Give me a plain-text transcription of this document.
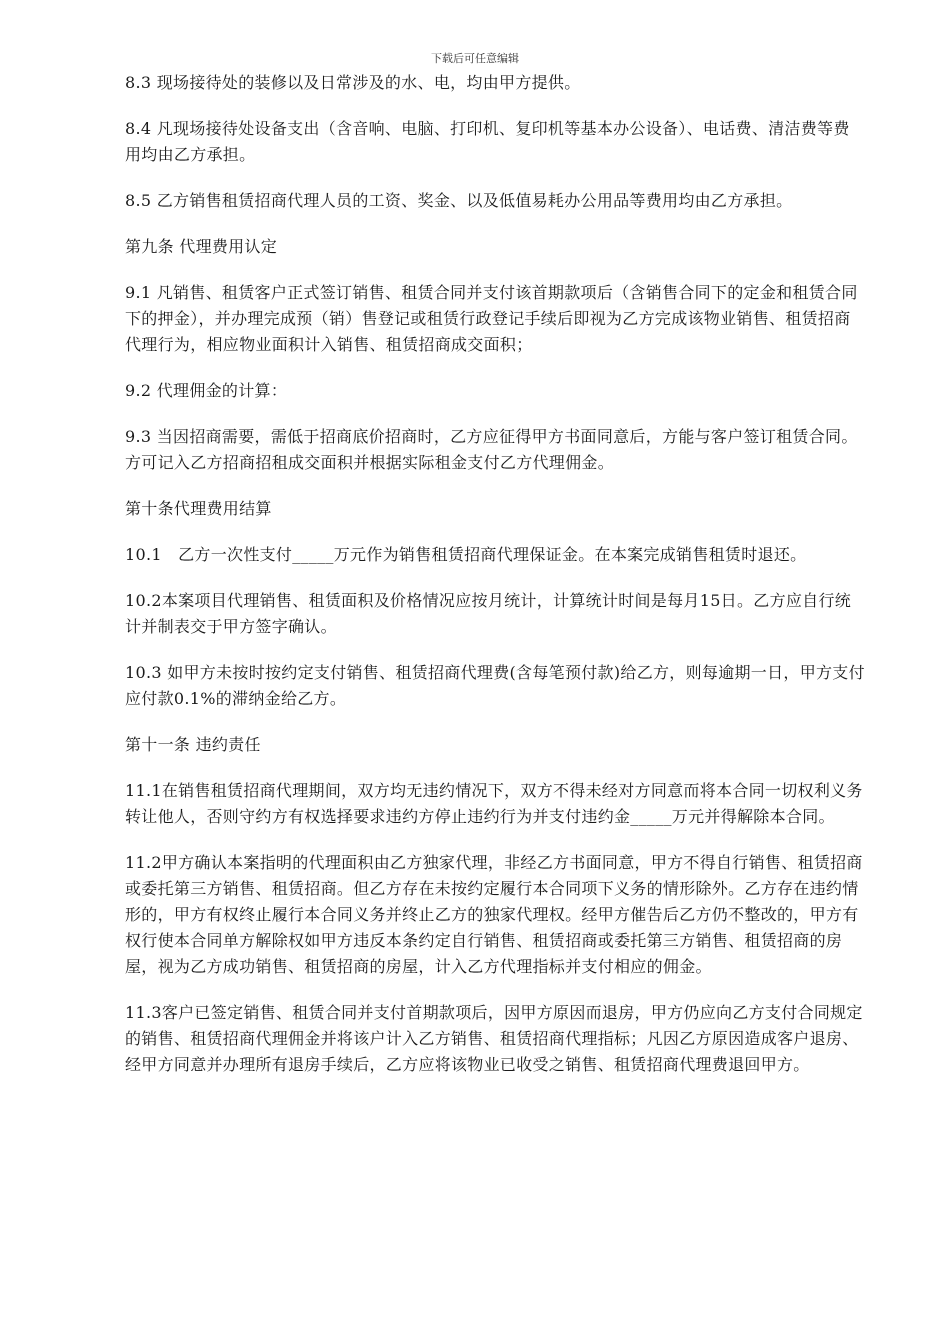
下载后可任意编辑

8.3 现场接待处的装修以及日常涉及的水、电，均由甲方提供。

8.4 凡现场接待处设备支出（含音响、电脑、打印机、复印机等基本办公设备）、电话费、清洁费等费用均由乙方承担。

8.5 乙方销售租赁招商代理人员的工资、奖金、以及低值易耗办公用品等费用均由乙方承担。

第九条 代理费用认定

9.1 凡销售、租赁客户正式签订销售、租赁合同并支付该首期款项后（含销售合同下的定金和租赁合同下的押金），并办理完成预（销）售登记或租赁行政登记手续后即视为乙方完成该物业销售、租赁招商代理行为，相应物业面积计入销售、租赁招商成交面积；

9.2 代理佣金的计算：

9.3 当因招商需要，需低于招商底价招商时，乙方应征得甲方书面同意后，方能与客户签订租赁合同。方可记入乙方招商招租成交面积并根据实际租金支付乙方代理佣金。

第十条代理费用结算

10.1　乙方一次性支付_____万元作为销售租赁招商代理保证金。在本案完成销售租赁时退还。

10.2本案项目代理销售、租赁面积及价格情况应按月统计，计算统计时间是每月15日。乙方应自行统计并制表交于甲方签字确认。

10.3 如甲方未按时按约定支付销售、租赁招商代理费(含每笔预付款)给乙方，则每逾期一日，甲方支付应付款0.1%的滞纳金给乙方。

第十一条 违约责任

11.1在销售租赁招商代理期间，双方均无违约情况下，双方不得未经对方同意而将本合同一切权利义务转让他人，否则守约方有权选择要求违约方停止违约行为并支付违约金_____万元并得解除本合同。

11.2甲方确认本案指明的代理面积由乙方独家代理，非经乙方书面同意，甲方不得自行销售、租赁招商或委托第三方销售、租赁招商。但乙方存在未按约定履行本合同项下义务的情形除外。乙方存在违约情形的，甲方有权终止履行本合同义务并终止乙方的独家代理权。经甲方催告后乙方仍不整改的，甲方有权行使本合同单方解除权如甲方违反本条约定自行销售、租赁招商或委托第三方销售、租赁招商的房屋，视为乙方成功销售、租赁招商的房屋，计入乙方代理指标并支付相应的佣金。

11.3客户已签定销售、租赁合同并支付首期款项后，因甲方原因而退房，甲方仍应向乙方支付合同规定的销售、租赁招商代理佣金并将该户计入乙方销售、租赁招商代理指标；凡因乙方原因造成客户退房、经甲方同意并办理所有退房手续后，乙方应将该物业已收受之销售、租赁招商代理费退回甲方。
